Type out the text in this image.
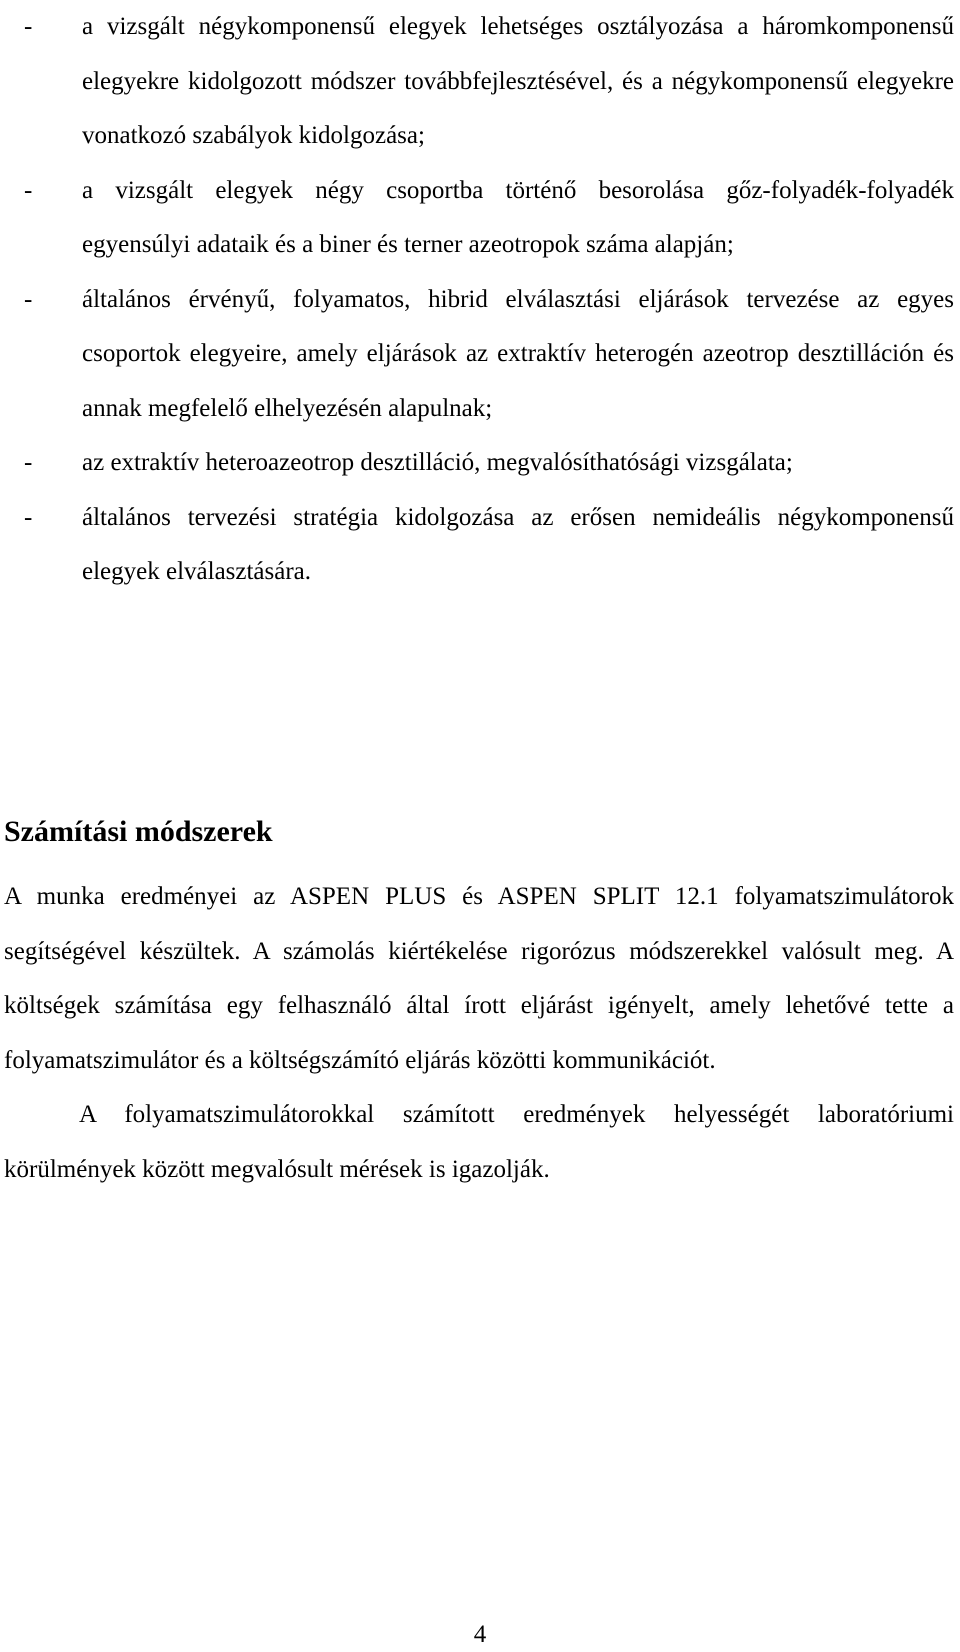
- a vizsgált négykomponensű elegyek lehetséges osztályozása a háromkomponensű elegyekre kidolgozott módszer továbbfejlesztésével, és a négykomponensű elegyekre vonatkozó szabályok kidolgozása;
- a vizsgált elegyek négy csoportba történő besorolása gőz-folyadék-folyadék egyensúlyi adataik és a biner és terner azeotropok száma alapján;
- általános érvényű, folyamatos, hibrid elválasztási eljárások tervezése az egyes csoportok elegyeire, amely eljárások az extraktív heterogén azeotrop desztilláción és annak megfelelő elhelyezésén alapulnak;
- az extraktív heteroazeotrop desztilláció, megvalósíthatósági vizsgálata;
- általános tervezési stratégia kidolgozása az erősen nemideális négykomponensű elegyek elválasztására.
Számítási módszerek

A munka eredményei az ASPEN PLUS és ASPEN SPLIT 12.1 folyamatszimulátorok segítségével készültek. A számolás kiértékelése rigorózus módszerekkel valósult meg. A költségek számítása egy felhasználó által írott eljárást igényelt, amely lehetővé tette a folyamatszimulátor és a költségszámító eljárás közötti kommunikációt.

A folyamatszimulátorokkal számított eredmények helyességét laboratóriumi körülmények között megvalósult mérések is igazolják.

4
